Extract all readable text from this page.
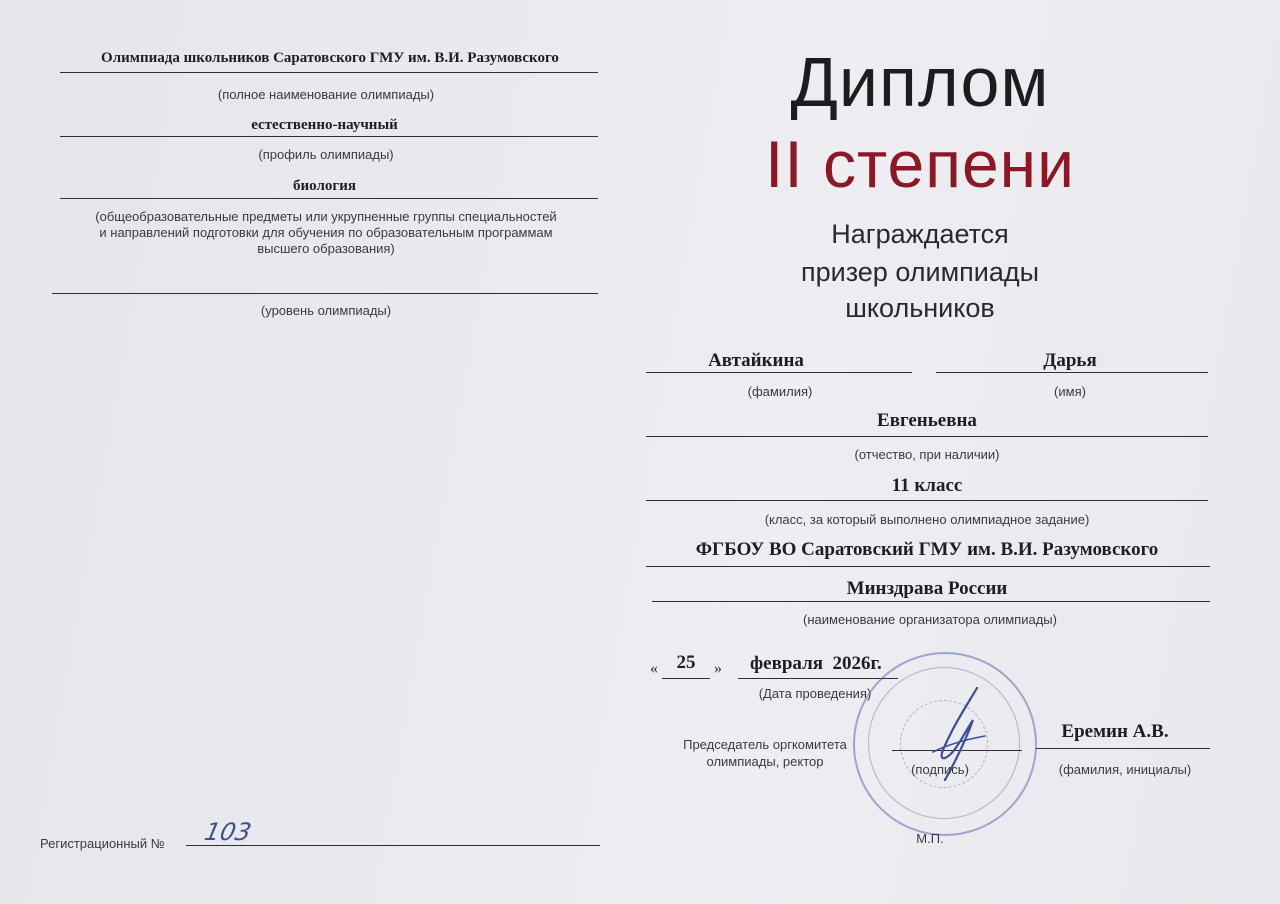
Олимпиада школьников Саратовского ГМУ им. В.И. Разумовского
(полное наименование олимпиады)
естественно-научный
(профиль олимпиады)
биология
(общеобразовательные предметы или укрупненные группы специальностей
и направлений подготовки для обучения по образовательным программам
высшего образования)
(уровень олимпиады)
Регистрационный № 103
Диплом
II степени
Награждается
призер олимпиады
школьников
Автайкина
(фамилия)
Дарья
(имя)
Евгеньевна
(отчество, при наличии)
11 класс
(класс, за который выполнено олимпиадное задание)
ФГБОУ ВО Саратовский ГМУ им. В.И. Разумовского
Минздрава России
(наименование организатора олимпиады)
« 25	» февраля  2026г.
(Дата проведения)
Председатель оргкомитета
олимпиады, ректор
(подпись)
Еремин А.В.
(фамилия, инициалы)
М.П.
